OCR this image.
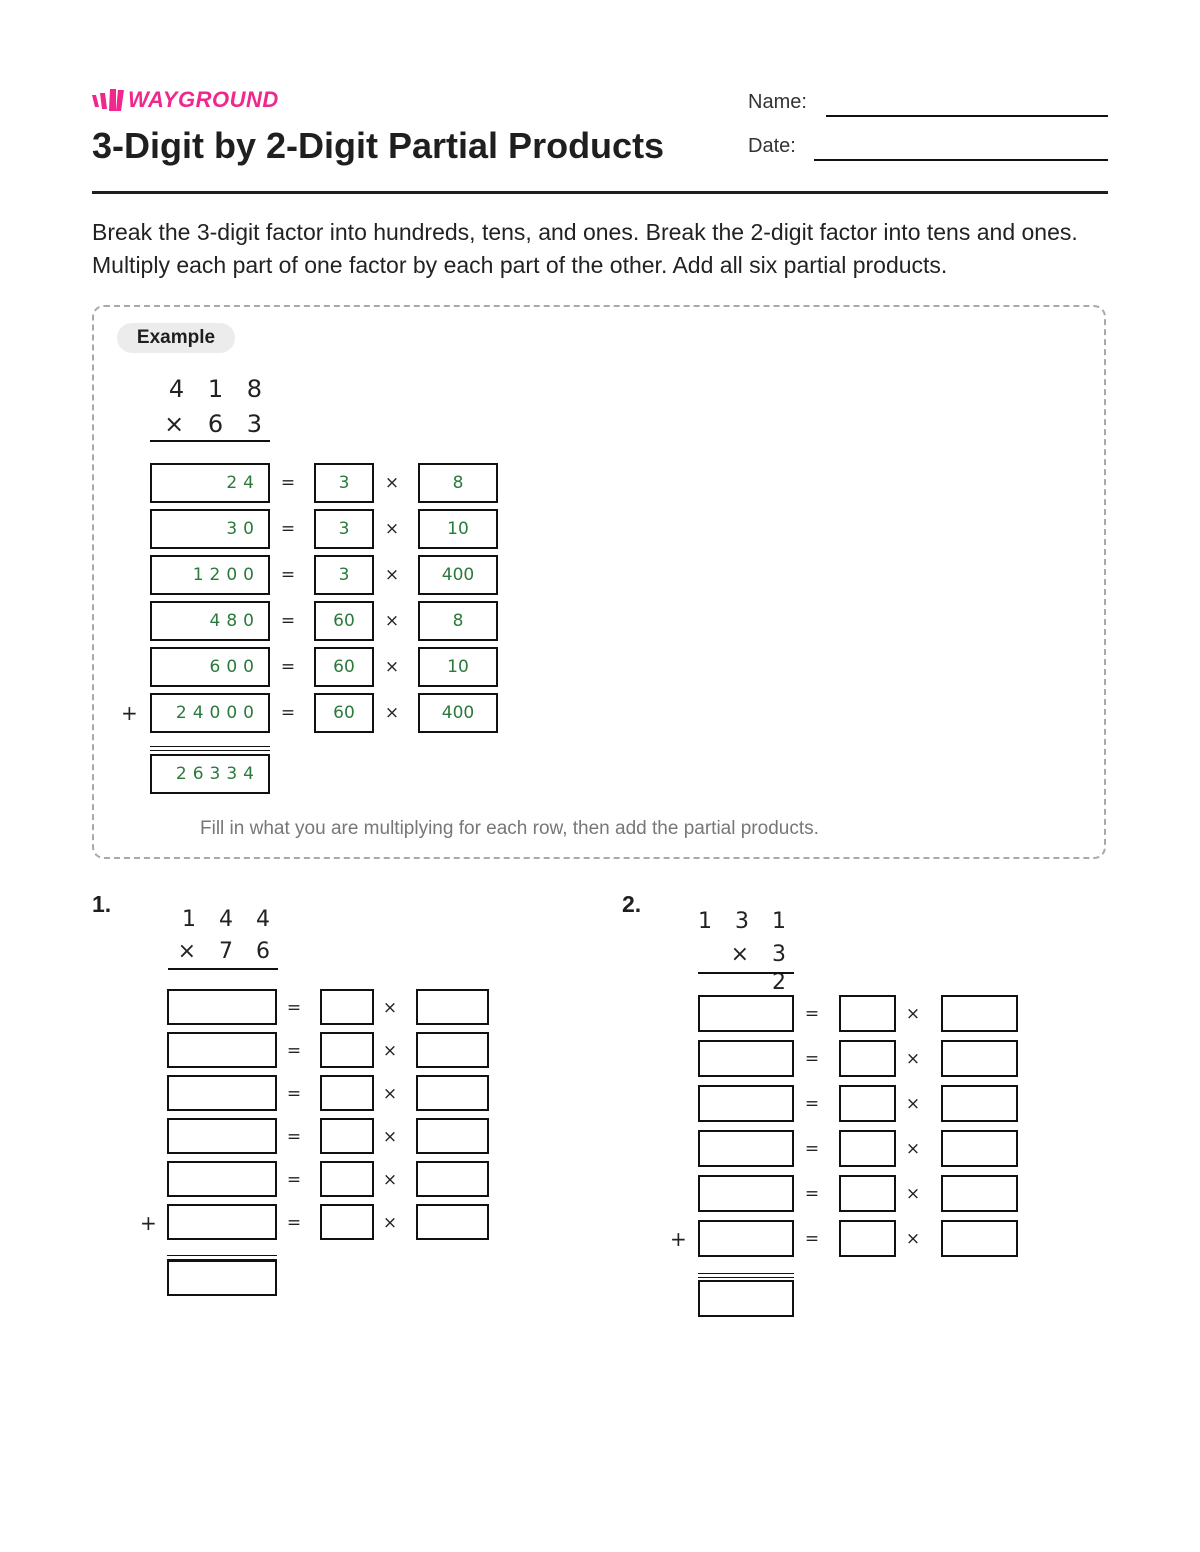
WAYGROUND
3-Digit by 2-Digit Partial Products
Name:
Date:
Break the 3-digit factor into hundreds, tens, and ones. Break the 2-digit factor into tens and ones. Multiply each part of one factor by each part of the other. Add all six partial products.
Example
4 1 8
× 6 3
24	=	3	×	8
30	=	3	×	10
1200	=	3	×	400
480	=	60	×	8
600	=	60	×	10
24000	=	60	×	400
+
26334
Fill in what you are multiplying for each row, then add the partial products.
1.
1 4 4
× 7 6
=	×
=	×
=	×
=	×
=	×
=	×
+
2.
1 3 1
× 3 2
=	×
=	×
=	×
=	×
=	×
=	×
+
